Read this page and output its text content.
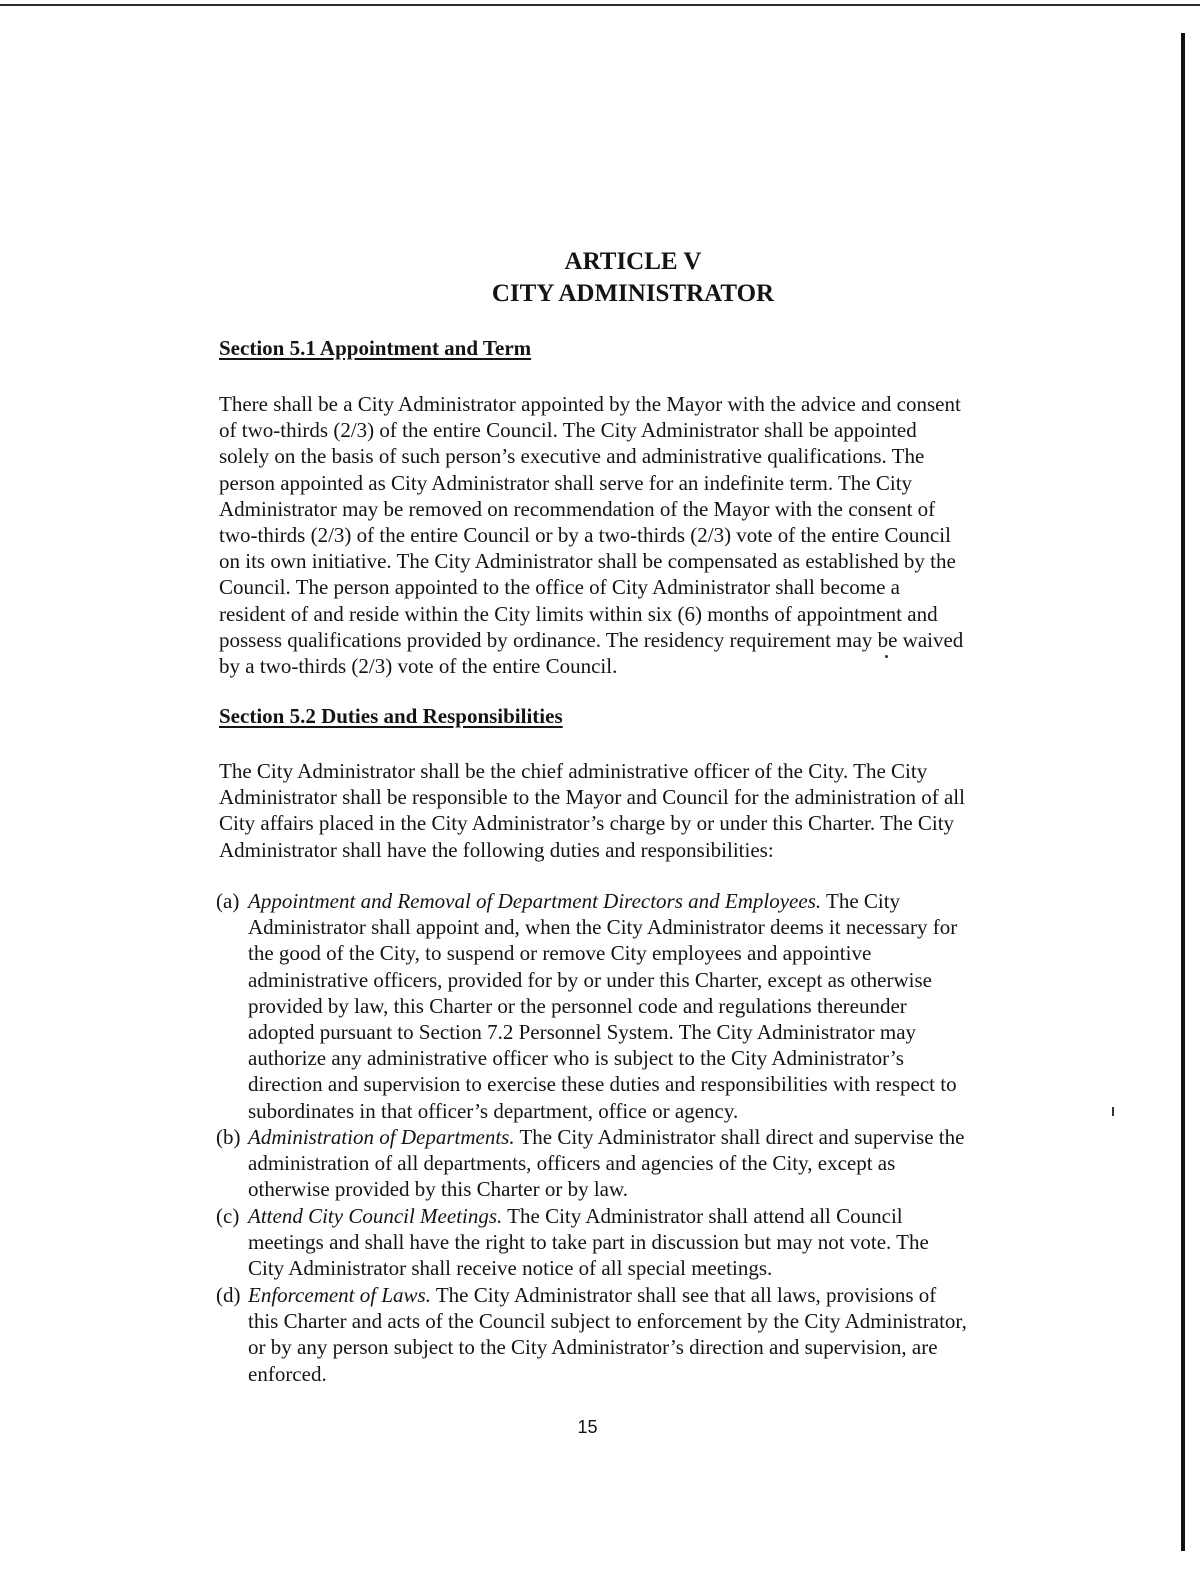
ARTICLE V
CITY ADMINISTRATOR
Section 5.1 Appointment and Term
There shall be a City Administrator appointed by the Mayor with the advice and consent
of two-thirds (2/3) of the entire Council. The City Administrator shall be appointed
solely on the basis of such person’s executive and administrative qualifications. The
person appointed as City Administrator shall serve for an indefinite term. The City
Administrator may be removed on recommendation of the Mayor with the consent of
two-thirds (2/3) of the entire Council or by a two-thirds (2/3) vote of the entire Council
on its own initiative. The City Administrator shall be compensated as established by the
Council. The person appointed to the office of City Administrator shall become a
resident of and reside within the City limits within six (6) months of appointment and
possess qualifications provided by ordinance. The residency requirement may be waived
by a two-thirds (2/3) vote of the entire Council.
Section 5.2 Duties and Responsibilities
The City Administrator shall be the chief administrative officer of the City. The City
Administrator shall be responsible to the Mayor and Council for the administration of all
City affairs placed in the City Administrator’s charge by or under this Charter. The City
Administrator shall have the following duties and responsibilities:
(a) Appointment and Removal of Department Directors and Employees. The City
Administrator shall appoint and, when the City Administrator deems it necessary for
the good of the City, to suspend or remove City employees and appointive
administrative officers, provided for by or under this Charter, except as otherwise
provided by law, this Charter or the personnel code and regulations thereunder
adopted pursuant to Section 7.2 Personnel System. The City Administrator may
authorize any administrative officer who is subject to the City Administrator’s
direction and supervision to exercise these duties and responsibilities with respect to
subordinates in that officer’s department, office or agency.
(b) Administration of Departments. The City Administrator shall direct and supervise the
administration of all departments, officers and agencies of the City, except as
otherwise provided by this Charter or by law.
(c) Attend City Council Meetings. The City Administrator shall attend all Council
meetings and shall have the right to take part in discussion but may not vote. The
City Administrator shall receive notice of all special meetings.
(d) Enforcement of Laws. The City Administrator shall see that all laws, provisions of
this Charter and acts of the Council subject to enforcement by the City Administrator,
or by any person subject to the City Administrator’s direction and supervision, are
enforced.
15
